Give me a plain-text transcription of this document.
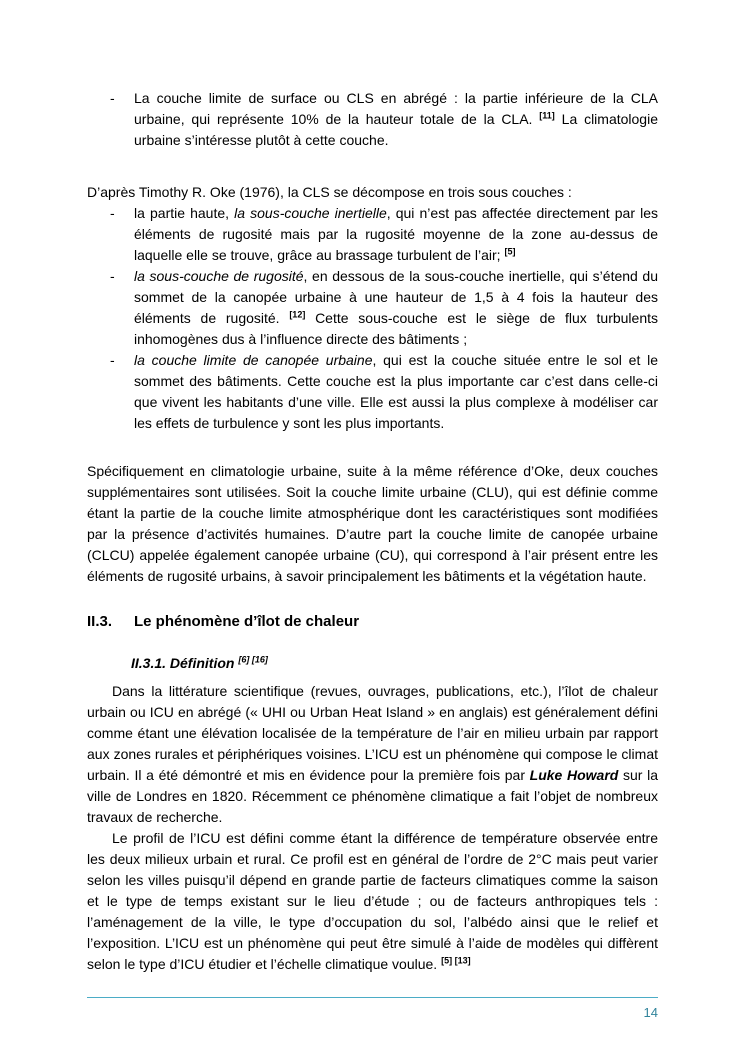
-	La couche limite de surface ou CLS en abrégé : la partie inférieure de la CLA urbaine, qui représente 10% de la hauteur totale de la CLA. [11] La climatologie urbaine s’intéresse plutôt à cette couche.

D’après Timothy R. Oke (1976), la CLS se décompose en trois sous couches :

-	la partie haute, la sous-couche inertielle, qui n’est pas affectée directement par les éléments de rugosité mais par la rugosité moyenne de la zone au-dessus de laquelle elle se trouve, grâce au brassage turbulent de l’air; [5]
-	la sous-couche de rugosité, en dessous de la sous-couche inertielle, qui s’étend du sommet de la canopée urbaine à une hauteur de 1,5 à 4 fois la hauteur des éléments de rugosité. [12] Cette sous-couche est le siège de flux turbulents inhomogènes dus à l’influence directe des bâtiments ;
-	la couche limite de canopée urbaine, qui est la couche située entre le sol et le sommet des bâtiments. Cette couche est la plus importante car c’est dans celle-ci que vivent les habitants d’une ville. Elle est aussi la plus complexe à modéliser car les effets de turbulence y sont les plus importants.

Spécifiquement en climatologie urbaine, suite à la même référence d’Oke, deux couches supplémentaires sont utilisées. Soit la couche limite urbaine (CLU), qui est définie comme étant la partie de la couche limite atmosphérique dont les caractéristiques sont modifiées par la présence d’activités humaines. D’autre part la couche limite de canopée urbaine (CLCU) appelée également canopée urbaine (CU), qui correspond à l’air présent entre les éléments de rugosité urbains, à savoir principalement les bâtiments et la végétation haute.

II.3.	Le phénomène d’îlot de chaleur
II.3.1. Définition [6] [16]

Dans la littérature scientifique (revues, ouvrages, publications, etc.), l’îlot de chaleur urbain ou ICU en abrégé (« UHI ou Urban Heat Island » en anglais) est généralement défini comme étant une élévation localisée de la température de l’air en milieu urbain par rapport aux zones rurales et périphériques voisines. L’ICU est un phénomène qui compose le climat urbain. Il a été démontré et mis en évidence pour la première fois par Luke Howard sur la ville de Londres en 1820. Récemment ce phénomène climatique a fait l’objet de nombreux travaux de recherche.

Le profil de l’ICU est défini comme étant la différence de température observée entre les deux milieux urbain et rural. Ce profil est en général de l’ordre de 2°C mais peut varier selon les villes puisqu’il dépend en grande partie de facteurs climatiques comme la saison et le type de temps existant sur le lieu d’étude ; ou de facteurs anthropiques tels : l’aménagement de la ville, le type d’occupation du sol, l’albédo ainsi que le relief et l’exposition. L’ICU est un phénomène qui peut être simulé à l’aide de modèles qui diffèrent selon le type d’ICU étudier et l’échelle climatique voulue. [5] [13]

14
